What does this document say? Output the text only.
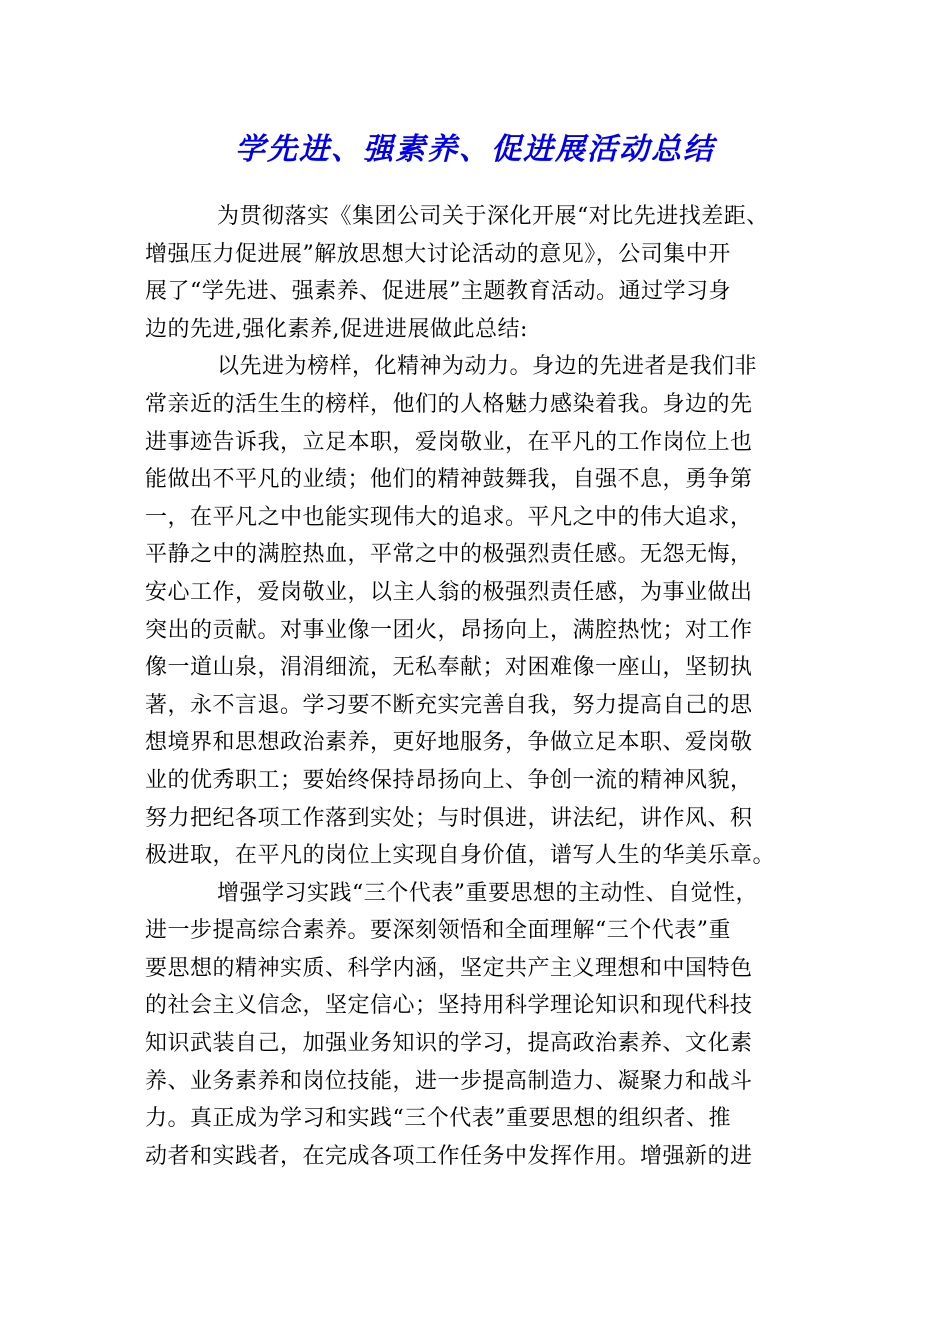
学先进、强素养、促进展活动总结
为贯彻落实《集团公司关于深化开展“对比先进找差距、
增强压力促进展”解放思想大讨论活动的意见》，公司集中开
展了“学先进、强素养、促进展”主题教育活动。通过学习身
边的先进,强化素养,促进进展做此总结:
以先进为榜样，化精神为动力。身边的先进者是我们非
常亲近的活生生的榜样，他们的人格魅力感染着我。身边的先
进事迹告诉我，立足本职，爱岗敬业，在平凡的工作岗位上也
能做出不平凡的业绩；他们的精神鼓舞我，自强不息，勇争第
一，在平凡之中也能实现伟大的追求。平凡之中的伟大追求，
平静之中的满腔热血，平常之中的极强烈责任感。无怨无悔，
安心工作，爱岗敬业，以主人翁的极强烈责任感，为事业做出
突出的贡献。对事业像一团火，昂扬向上，满腔热忱；对工作
像一道山泉，涓涓细流，无私奉献；对困难像一座山，坚韧执
著，永不言退。学习要不断充实完善自我，努力提高自己的思
想境界和思想政治素养，更好地服务，争做立足本职、爱岗敬
业的优秀职工；要始终保持昂扬向上、争创一流的精神风貌，
努力把纪各项工作落到实处；与时俱进，讲法纪，讲作风、积
极进取，在平凡的岗位上实现自身价值，谱写人生的华美乐章。
增强学习实践“三个代表”重要思想的主动性、自觉性，
进一步提高综合素养。要深刻领悟和全面理解“三个代表”重
要思想的精神实质、科学内涵，坚定共产主义理想和中国特色
的社会主义信念，坚定信心；坚持用科学理论知识和现代科技
知识武装自己，加强业务知识的学习，提高政治素养、文化素
养、业务素养和岗位技能，进一步提高制造力、凝聚力和战斗
力。真正成为学习和实践“三个代表”重要思想的组织者、推
动者和实践者，在完成各项工作任务中发挥作用。增强新的进
